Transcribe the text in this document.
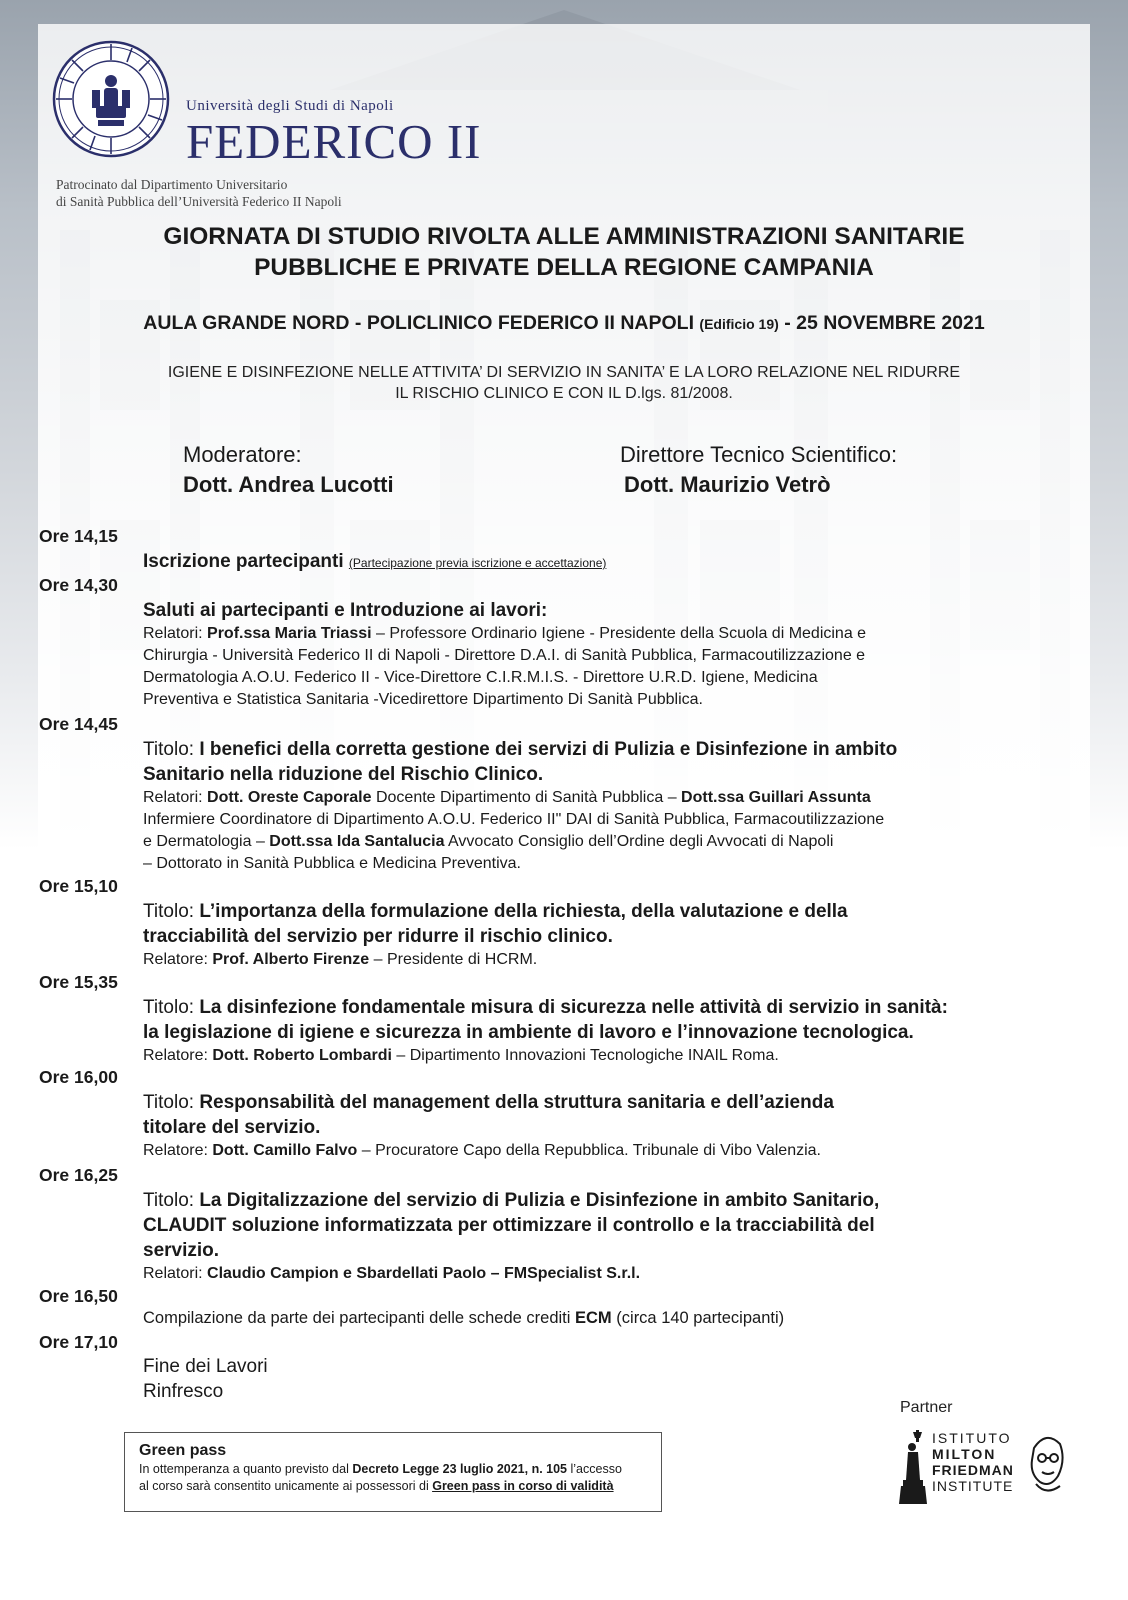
Università degli Studi di Napoli
FEDERICO II
Patrocinato dal Dipartimento Universitario
di Sanità Pubblica dell’Università Federico II Napoli
GIORNATA DI STUDIO RIVOLTA ALLE AMMINISTRAZIONI SANITARIE
PUBBLICHE E PRIVATE DELLA REGIONE CAMPANIA
AULA GRANDE NORD - POLICLINICO FEDERICO II NAPOLI (Edificio 19) - 25 NOVEMBRE 2021
IGIENE E DISINFEZIONE NELLE ATTIVITA’ DI SERVIZIO IN SANITA’ E LA LORO RELAZIONE NEL RIDURRE
IL RISCHIO CLINICO E CON IL D.lgs. 81/2008.
Moderatore:
Dott. Andrea Lucotti
Direttore Tecnico Scientifico:
Dott. Maurizio Vetrò
Ore 14,15
Iscrizione partecipanti (Partecipazione previa iscrizione e accettazione)
Ore 14,30
Saluti ai partecipanti e Introduzione ai lavori:
Relatori: Prof.ssa Maria Triassi – Professore Ordinario Igiene - Presidente della Scuola di Medicina e
Chirurgia - Università Federico II di Napoli - Direttore D.A.I. di Sanità Pubblica, Farmacoutilizzazione e
Dermatologia A.O.U. Federico II - Vice-Direttore C.I.R.M.I.S. - Direttore U.R.D. Igiene, Medicina
Preventiva e Statistica Sanitaria -Vicedirettore Dipartimento Di Sanità Pubblica.
Ore 14,45
Titolo: I benefici della corretta gestione dei servizi di Pulizia e Disinfezione in ambito
Sanitario nella riduzione del Rischio Clinico.
Relatori: Dott. Oreste Caporale Docente Dipartimento di Sanità Pubblica – Dott.ssa Guillari Assunta
Infermiere Coordinatore di Dipartimento A.O.U. Federico II" DAI di Sanità Pubblica, Farmacoutilizzazione
e Dermatologia – Dott.ssa Ida Santalucia Avvocato Consiglio dell’Ordine degli Avvocati di Napoli
– Dottorato in Sanità Pubblica e Medicina Preventiva.
Ore 15,10
Titolo: L’importanza della formulazione della richiesta, della valutazione e della
tracciabilità del servizio per ridurre il rischio clinico.
Relatore: Prof. Alberto Firenze – Presidente di HCRM.
Ore 15,35
Titolo: La disinfezione fondamentale misura di sicurezza nelle attività di servizio in sanità:
la legislazione di igiene e sicurezza in ambiente di lavoro e l’innovazione tecnologica.
Relatore: Dott. Roberto Lombardi – Dipartimento Innovazioni Tecnologiche INAIL Roma.
Ore 16,00
Titolo: Responsabilità del management della struttura sanitaria e dell’azienda
titolare del servizio.
Relatore: Dott. Camillo Falvo – Procuratore Capo della Repubblica. Tribunale di Vibo Valenzia.
Ore 16,25
Titolo: La Digitalizzazione del servizio di Pulizia e Disinfezione in ambito Sanitario,
CLAUDIT soluzione informatizzata per ottimizzare il controllo e la tracciabilità del
servizio.
Relatori: Claudio Campion e Sbardellati Paolo – FMSpecialist S.r.l.
Ore 16,50
Compilazione da parte dei partecipanti delle schede crediti ECM (circa 140 partecipanti)
Ore 17,10
Fine dei Lavori
Rinfresco
Green pass
In ottemperanza a quanto previsto dal Decreto Legge 23 luglio 2021, n. 105 l’accesso
al corso sarà consentito unicamente ai possessori di Green pass in corso di validità
Partner
ISTITUTO
MILTON
FRIEDMAN
INSTITUTE
